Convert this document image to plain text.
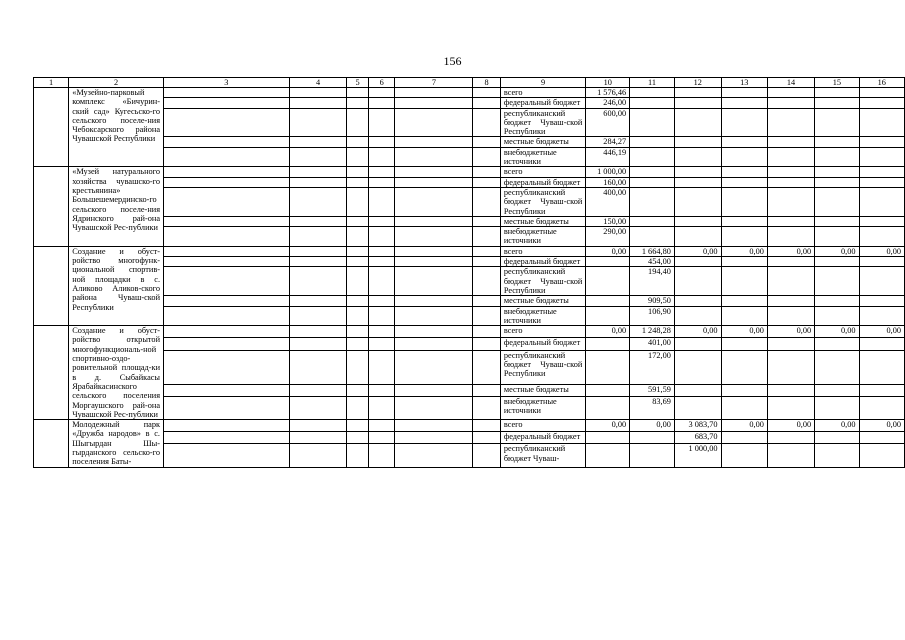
156
1	2	3	4	5	6	7	8	9	10	11	12	13	14	15	16
	«Музейно-парковый комплекс «Бичурин-ский сад» Кугесьско-го сельского поселе-ния Чебоксарского района Чувашской Республики							всего	1 576,46						
								федеральный бюджет	246,00						
								республиканский бюджет Чуваш-ской Республики	600,00						
								местные бюджеты	284,27						
								внебюджетные источники	446,19						
	«Музей натурального хозяйства чувашско-го крестьянина» Большешемердинско-го сельского поселе-ния Ядринского рай-она Чувашской Рес-публики							всего	1 000,00						
								федеральный бюджет	160,00						
								республиканский бюджет Чуваш-ской Республики	400,00						
								местные бюджеты	150,00						
								внебюджетные источники	290,00						
	Создание и обуст-ройство многофунк-циональной спортив-ной площадки в с. Аликово Аликов-ского района Чуваш-ской Республики							всего	0,00	1 664,80	0,00	0,00	0,00	0,00	0,00
								федеральный бюджет		454,00					
								республиканский бюджет Чуваш-ской Республики		194,40					
								местные бюджеты		909,50					
								внебюджетные источники		106,90					
	Создание и обуст-ройство открытой многофункциональ-ной спортивно-оздо-ровительной площад-ки в д. Сыбайкасы Ярабайкасинского сельского поселения Моргаушского рай-она Чувашской Рес-публики							всего	0,00	1 248,28	0,00	0,00	0,00	0,00	0,00
								федеральный бюджет		401,00					
								республиканский бюджет Чуваш-ской Республики		172,00					
								местные бюджеты		591,59					
								внебюджетные источники		83,69					
	Молодежный парк «Дружба народов» в с. Шыгырдан Шы-гырданского сельско-го поселения Баты-							всего	0,00	0,00	3 083,70	0,00	0,00	0,00	0,00
								федеральный бюджет			683,70				
								республиканский бюджет Чуваш-			1 000,00				
